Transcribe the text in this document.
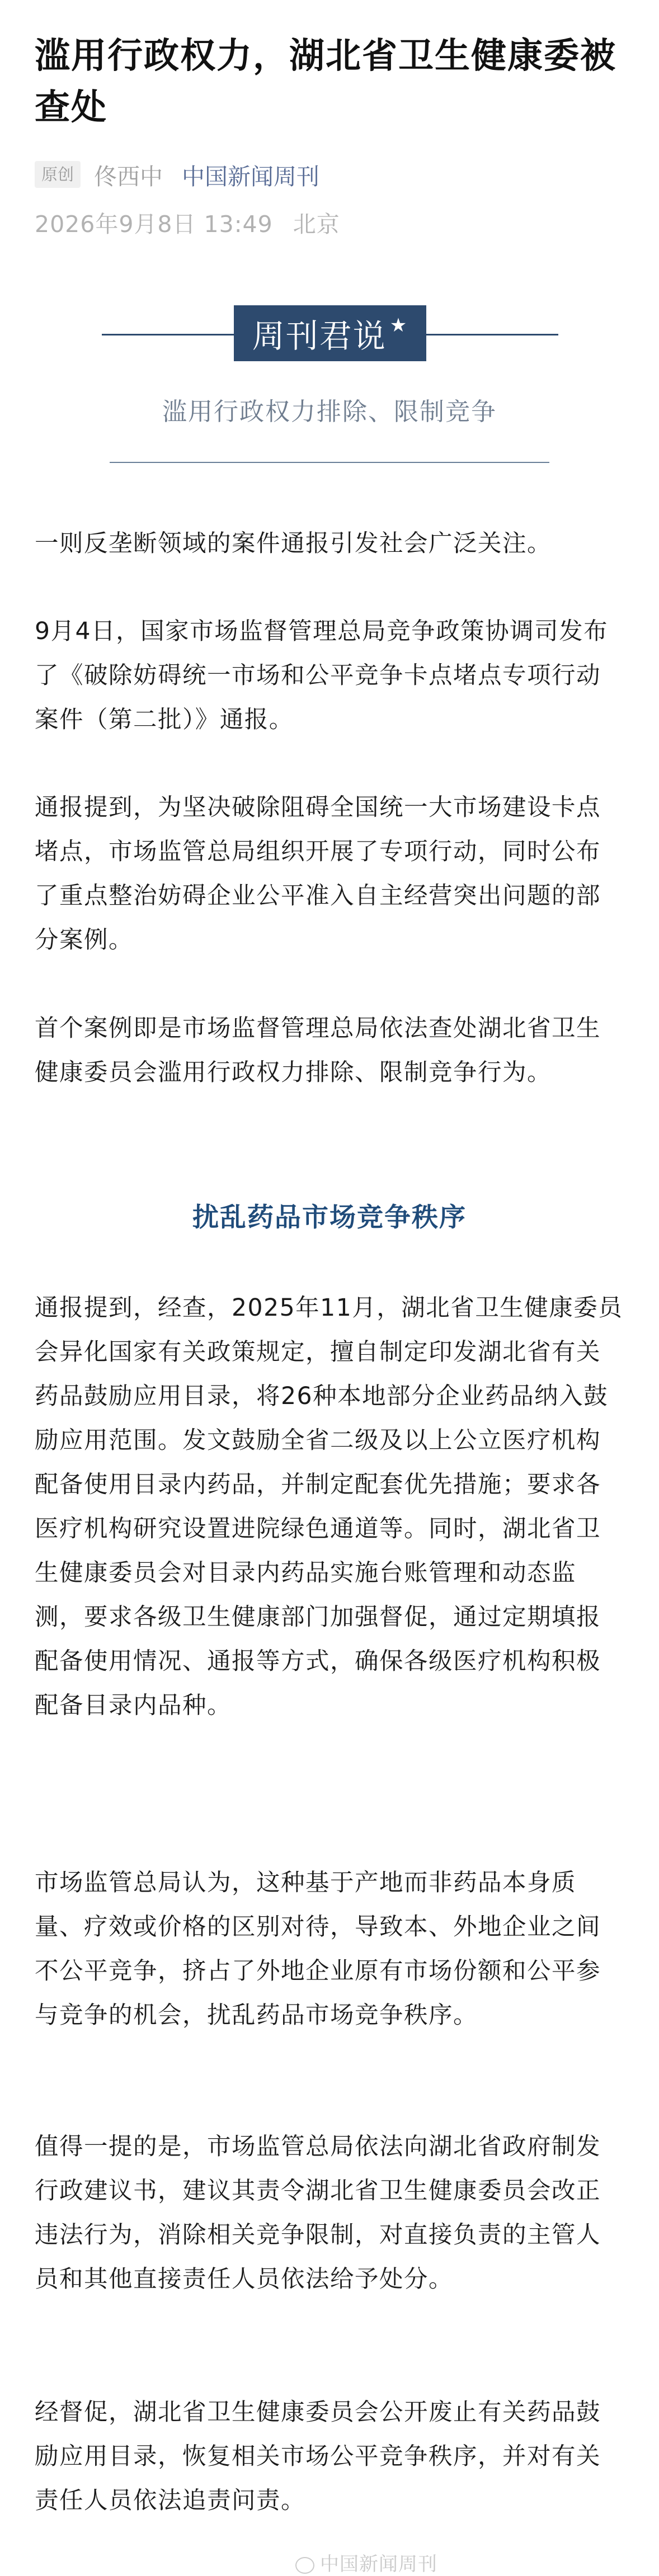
滥用行政权力，湖北省卫生健康委被查处
原创 佟西中 中国新闻周刊
2026年9月8日 13:49 北京
周刊君说 ★
滥用行政权力排除、限制竞争

一则反垄断领域的案件通报引发社会广泛关注。

9月4日，国家市场监督管理总局竞争政策协调司发布了《破除妨碍统一市场和公平竞争卡点堵点专项行动案件（第二批）》通报。

通报提到，为坚决破除阻碍全国统一大市场建设卡点堵点，市场监管总局组织开展了专项行动，同时公布了重点整治妨碍企业公平准入自主经营突出问题的部分案例。

首个案例即是市场监督管理总局依法查处湖北省卫生健康委员会滥用行政权力排除、限制竞争行为。

扰乱药品市场竞争秩序

通报提到，经查，2025年11月，湖北省卫生健康委员会异化国家有关政策规定，擅自制定印发湖北省有关药品鼓励应用目录，将26种本地部分企业药品纳入鼓励应用范围。发文鼓励全省二级及以上公立医疗机构配备使用目录内药品，并制定配套优先措施；要求各医疗机构研究设置进院绿色通道等。同时，湖北省卫生健康委员会对目录内药品实施台账管理和动态监测，要求各级卫生健康部门加强督促，通过定期填报配备使用情况、通报等方式，确保各级医疗机构积极配备目录内品种。

市场监管总局认为，这种基于产地而非药品本身质量、疗效或价格的区别对待，导致本、外地企业之间不公平竞争，挤占了外地企业原有市场份额和公平参与竞争的机会，扰乱药品市场竞争秩序。

值得一提的是，市场监管总局依法向湖北省政府制发行政建议书，建议其责令湖北省卫生健康委员会改正违法行为，消除相关竞争限制，对直接负责的主管人员和其他直接责任人员依法给予处分。

经督促，湖北省卫生健康委员会公开废止有关药品鼓励应用目录，恢复相关市场公平竞争秩序，并对有关责任人员依法追责问责。

中国新闻周刊
